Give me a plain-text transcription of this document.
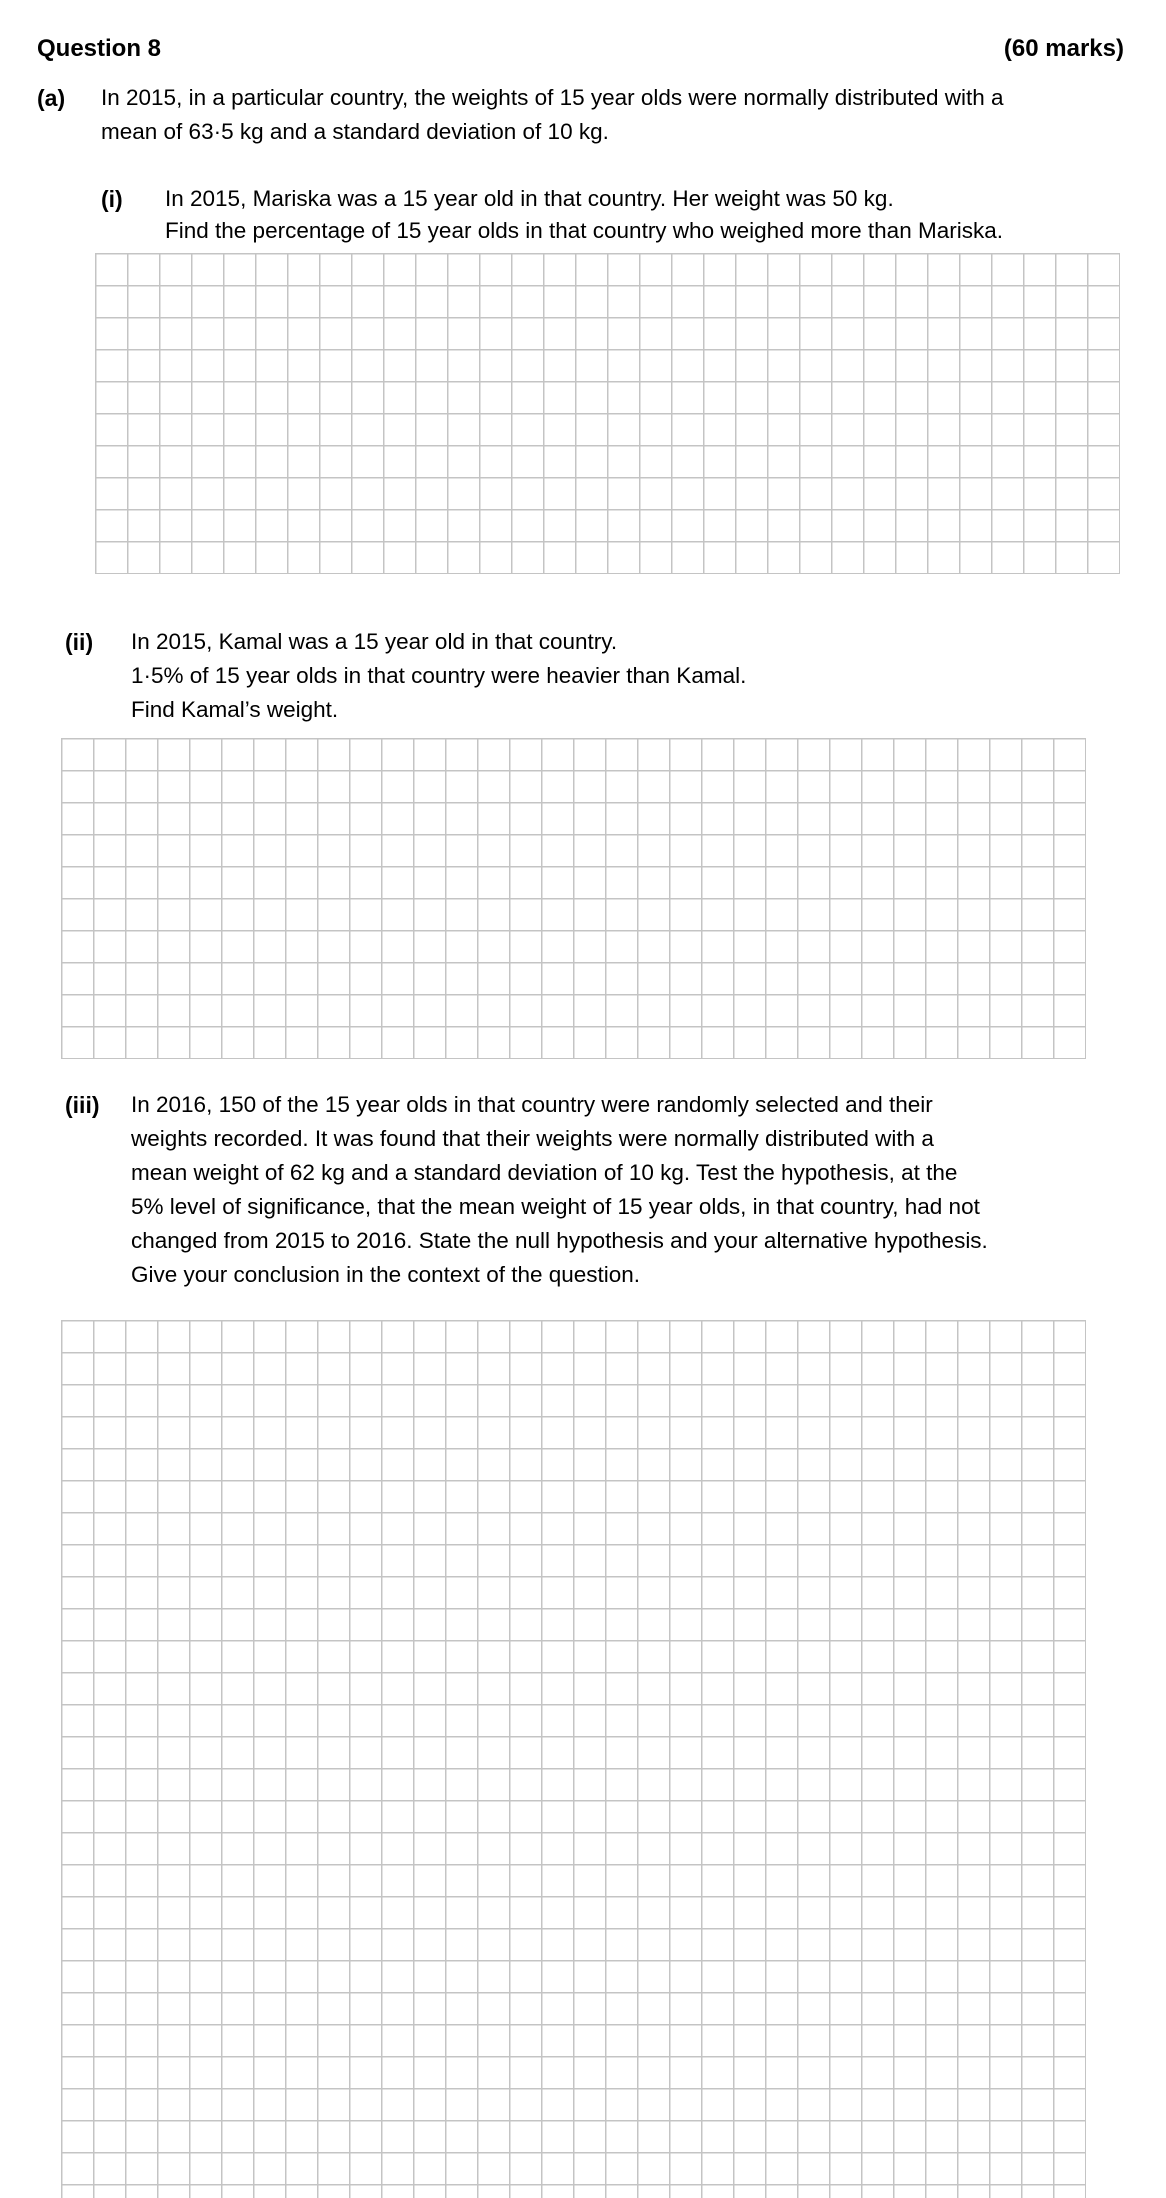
Question 8	(60 marks)
(a) In 2015, in a particular country, the weights of 15 year olds were normally distributed with a
mean of 63·5 kg and a standard deviation of 10 kg.
(i) In 2015, Mariska was a 15 year old in that country. Her weight was 50 kg.
Find the percentage of 15 year olds in that country who weighed more than Mariska.
(ii) In 2015, Kamal was a 15 year old in that country.
1·5% of 15 year olds in that country were heavier than Kamal.
Find Kamal’s weight.
(iii) In 2016, 150 of the 15 year olds in that country were randomly selected and their
weights recorded. It was found that their weights were normally distributed with a
mean weight of 62 kg and a standard deviation of 10 kg. Test the hypothesis, at the
5% level of significance, that the mean weight of 15 year olds, in that country, had not
changed from 2015 to 2016. State the null hypothesis and your alternative hypothesis.
Give your conclusion in the context of the question.
